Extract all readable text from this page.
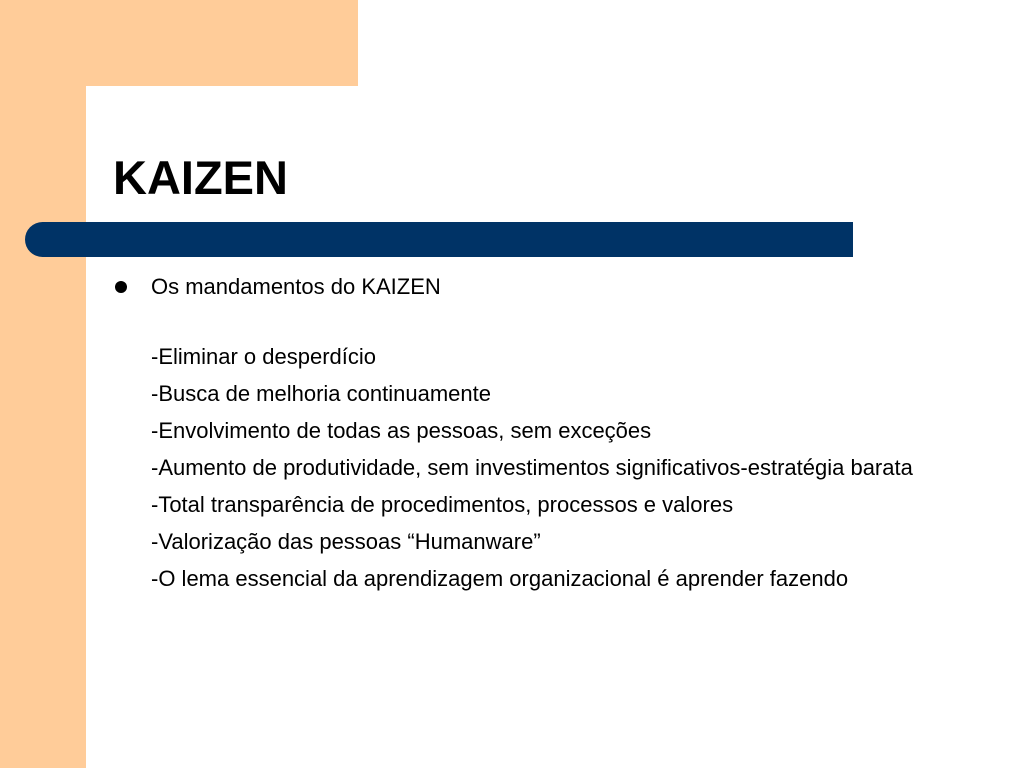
KAIZEN
Os mandamentos do KAIZEN
-Eliminar o desperdício
-Busca de melhoria continuamente
-Envolvimento de todas as pessoas, sem exceções
-Aumento de produtividade, sem investimentos significativos-estratégia barata
-Total transparência de procedimentos, processos e valores
-Valorização das pessoas “Humanware”
-O lema essencial da aprendizagem organizacional é aprender fazendo
